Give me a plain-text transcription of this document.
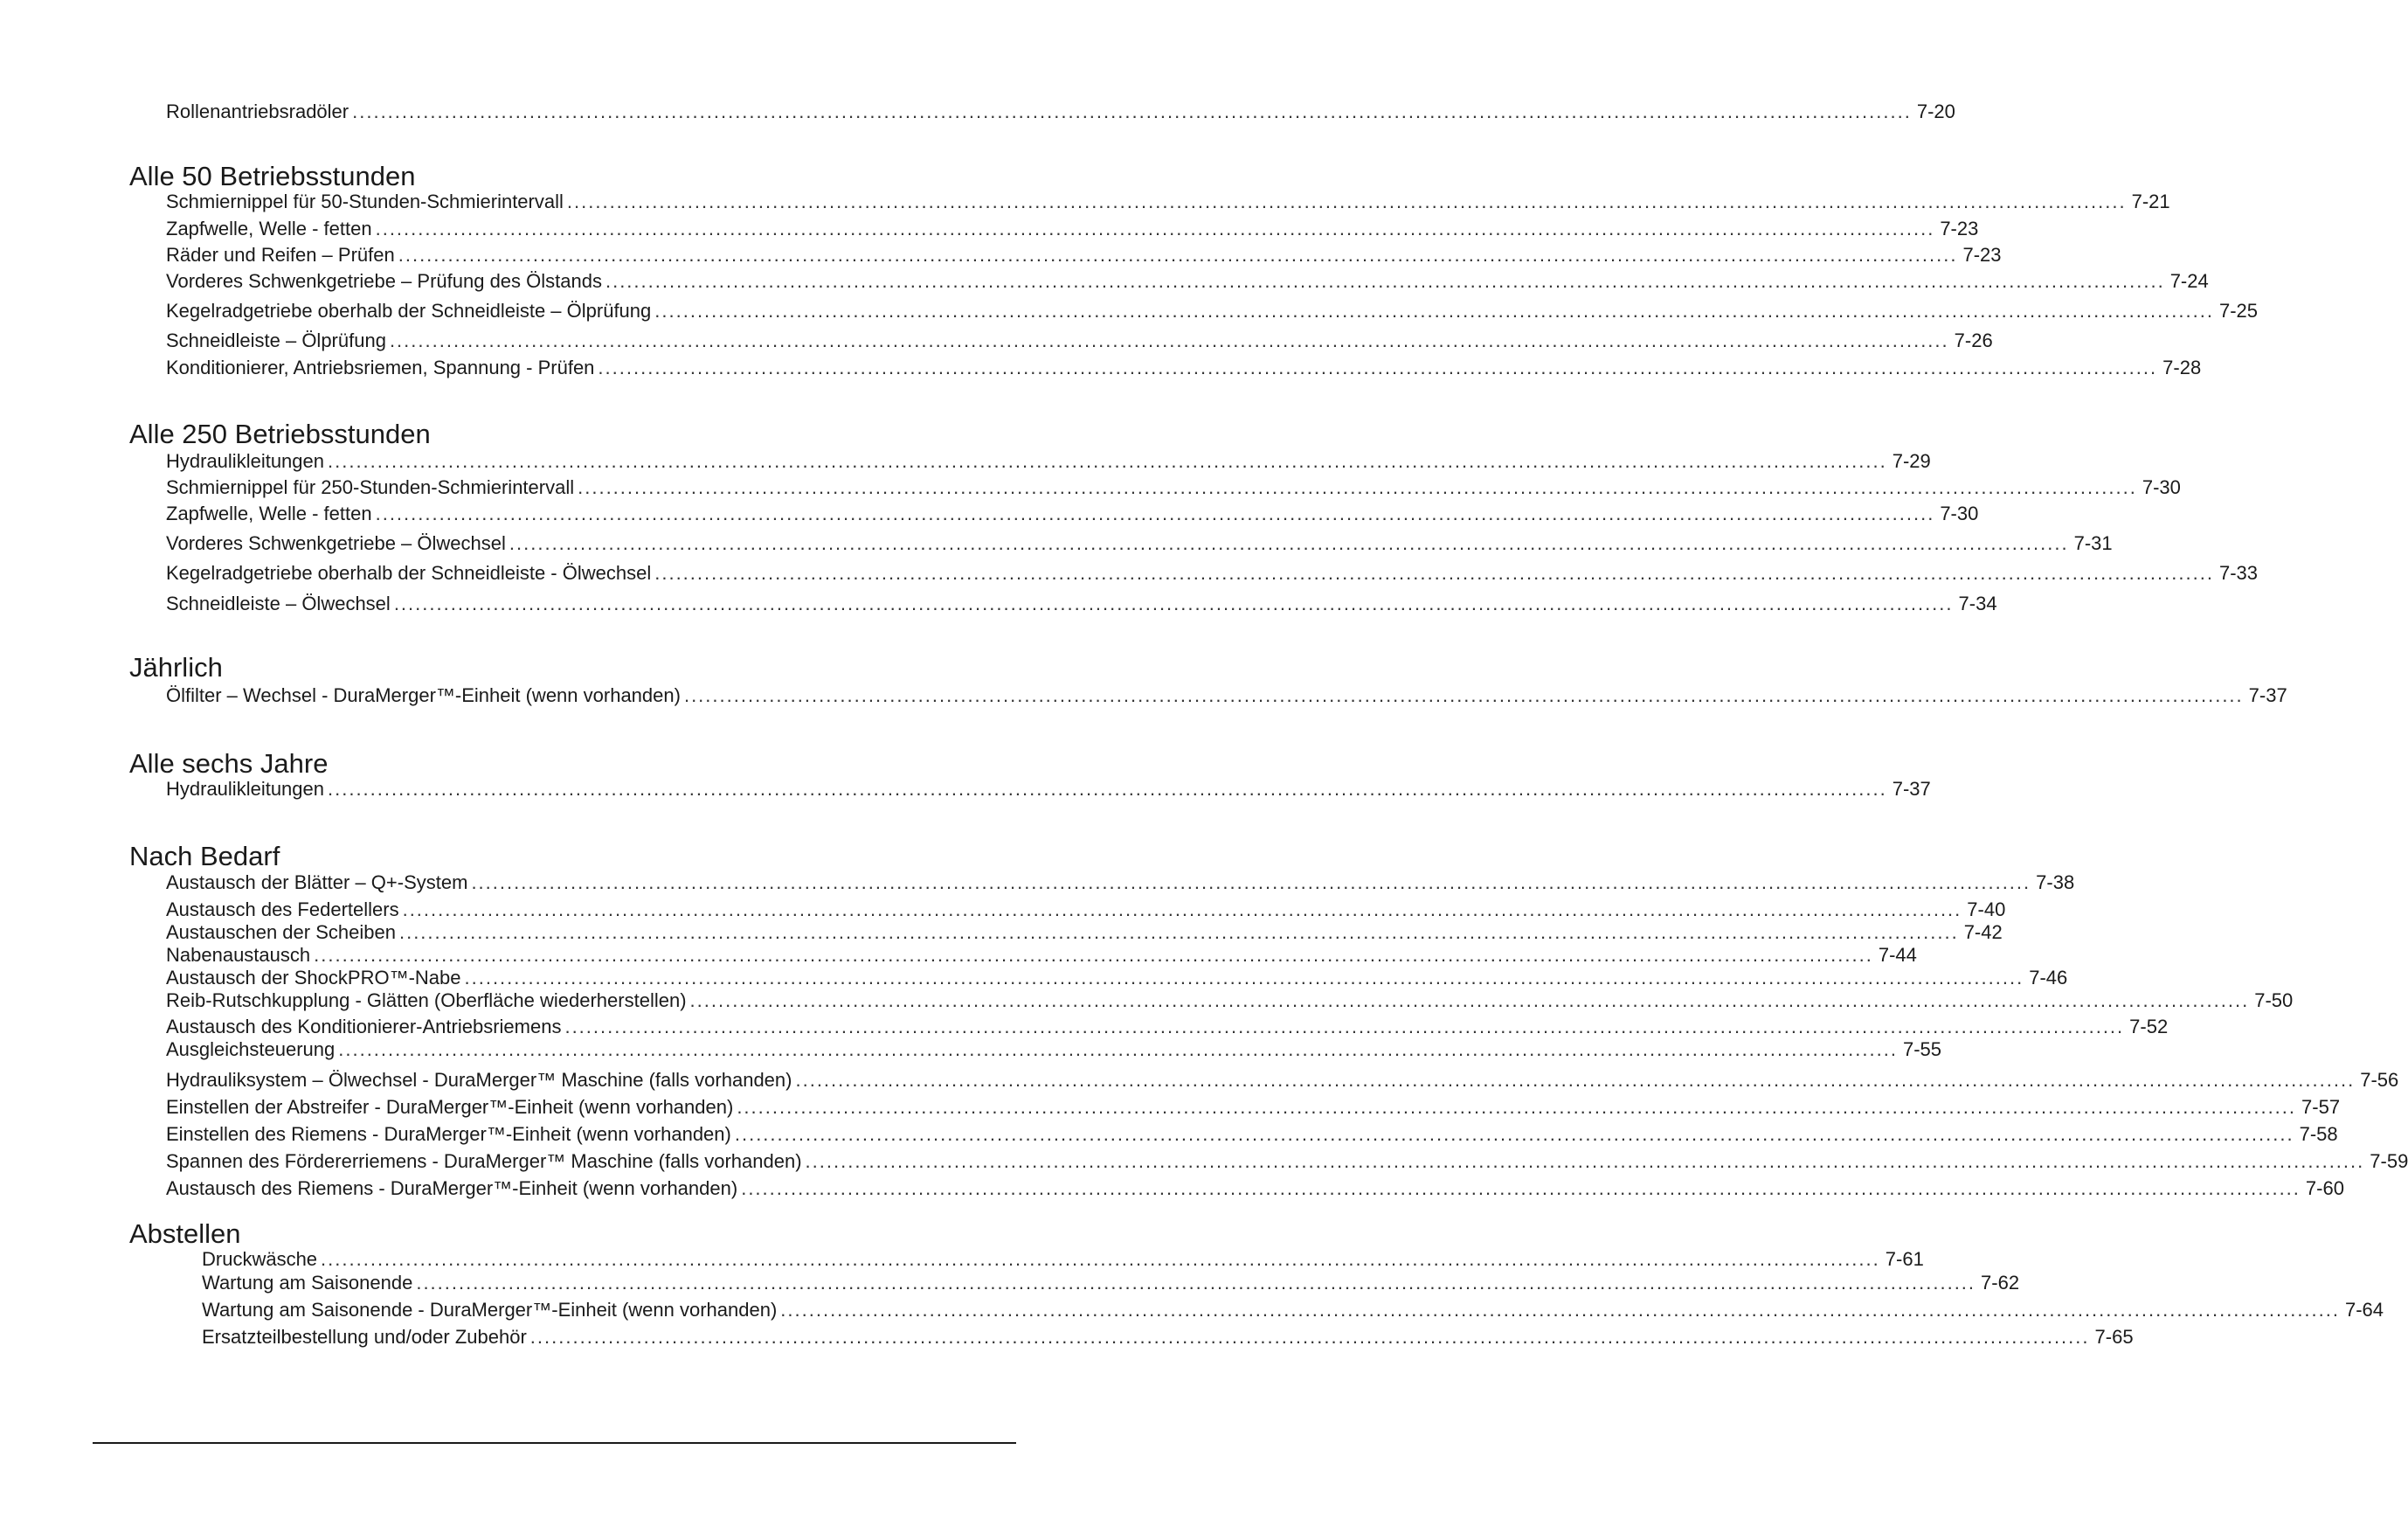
Rollenantriebsradöler ............................................................................................................................................................................................................................ 7-20
Alle 50 Betriebsstunden
Schmiernippel für 50-Stunden-Schmierintervall ............................................................................................................................................................................................................................ 7-21
Zapfwelle, Welle - fetten ............................................................................................................................................................................................................................ 7-23
Räder und Reifen – Prüfen ............................................................................................................................................................................................................................ 7-23
Vorderes Schwenkgetriebe – Prüfung des Ölstands ............................................................................................................................................................................................................................ 7-24
Kegelradgetriebe oberhalb der Schneidleiste – Ölprüfung ............................................................................................................................................................................................................................ 7-25
Schneidleiste – Ölprüfung ............................................................................................................................................................................................................................ 7-26
Konditionierer, Antriebsriemen, Spannung - Prüfen ............................................................................................................................................................................................................................ 7-28
Alle 250 Betriebsstunden
Hydraulikleitungen ............................................................................................................................................................................................................................ 7-29
Schmiernippel für 250-Stunden-Schmierintervall ............................................................................................................................................................................................................................ 7-30
Zapfwelle, Welle - fetten ............................................................................................................................................................................................................................ 7-30
Vorderes Schwenkgetriebe – Ölwechsel ............................................................................................................................................................................................................................ 7-31
Kegelradgetriebe oberhalb der Schneidleiste - Ölwechsel ............................................................................................................................................................................................................................ 7-33
Schneidleiste – Ölwechsel ............................................................................................................................................................................................................................ 7-34
Jährlich
Ölfilter – Wechsel - DuraMerger™-Einheit (wenn vorhanden) ............................................................................................................................................................................................................................ 7-37
Alle sechs Jahre
Hydraulikleitungen ............................................................................................................................................................................................................................ 7-37
Nach Bedarf
Austausch der Blätter – Q+-System ............................................................................................................................................................................................................................ 7-38
Austausch des Federtellers ............................................................................................................................................................................................................................ 7-40
Austauschen der Scheiben ............................................................................................................................................................................................................................ 7-42
Nabenaustausch ............................................................................................................................................................................................................................ 7-44
Austausch der ShockPRO™-Nabe ............................................................................................................................................................................................................................ 7-46
Reib-Rutschkupplung - Glätten (Oberfläche wiederherstellen) ............................................................................................................................................................................................................................ 7-50
Austausch des Konditionierer-Antriebsriemens ............................................................................................................................................................................................................................ 7-52
Ausgleichsteuerung ............................................................................................................................................................................................................................ 7-55
Hydrauliksystem – Ölwechsel - DuraMerger™ Maschine (falls vorhanden) ............................................................................................................................................................................................................................ 7-56
Einstellen der Abstreifer - DuraMerger™-Einheit (wenn vorhanden) ............................................................................................................................................................................................................................ 7-57
Einstellen des Riemens - DuraMerger™-Einheit (wenn vorhanden) ............................................................................................................................................................................................................................ 7-58
Spannen des Fördererriemens - DuraMerger™ Maschine (falls vorhanden) ............................................................................................................................................................................................................................ 7-59
Austausch des Riemens - DuraMerger™-Einheit (wenn vorhanden) ............................................................................................................................................................................................................................ 7-60
Abstellen
Druckwäsche ............................................................................................................................................................................................................................ 7-61
Wartung am Saisonende ............................................................................................................................................................................................................................ 7-62
Wartung am Saisonende - DuraMerger™-Einheit (wenn vorhanden) ............................................................................................................................................................................................................................ 7-64
Ersatzteilbestellung und/oder Zubehör ............................................................................................................................................................................................................................ 7-65
